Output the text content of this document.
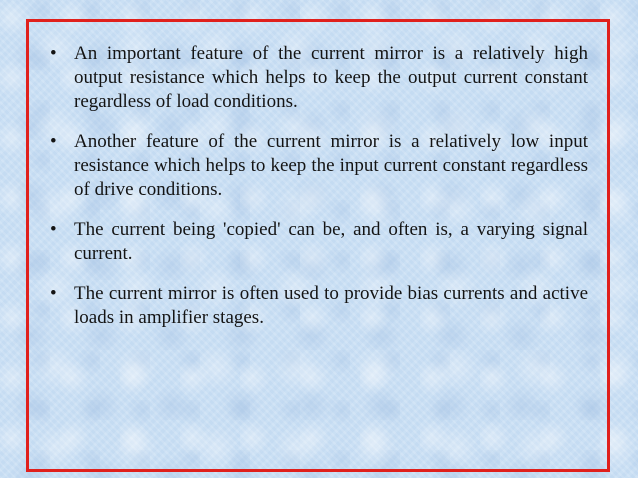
• An important feature of the current mirror is a relatively high output resistance which helps to keep the output current constant regardless of load conditions.
• Another feature of the current mirror is a relatively low input resistance which helps to keep the input current constant regardless of drive conditions.
• The current being 'copied' can be, and often is, a varying signal current.
• The current mirror is often used to provide bias currents and active loads in amplifier stages.
